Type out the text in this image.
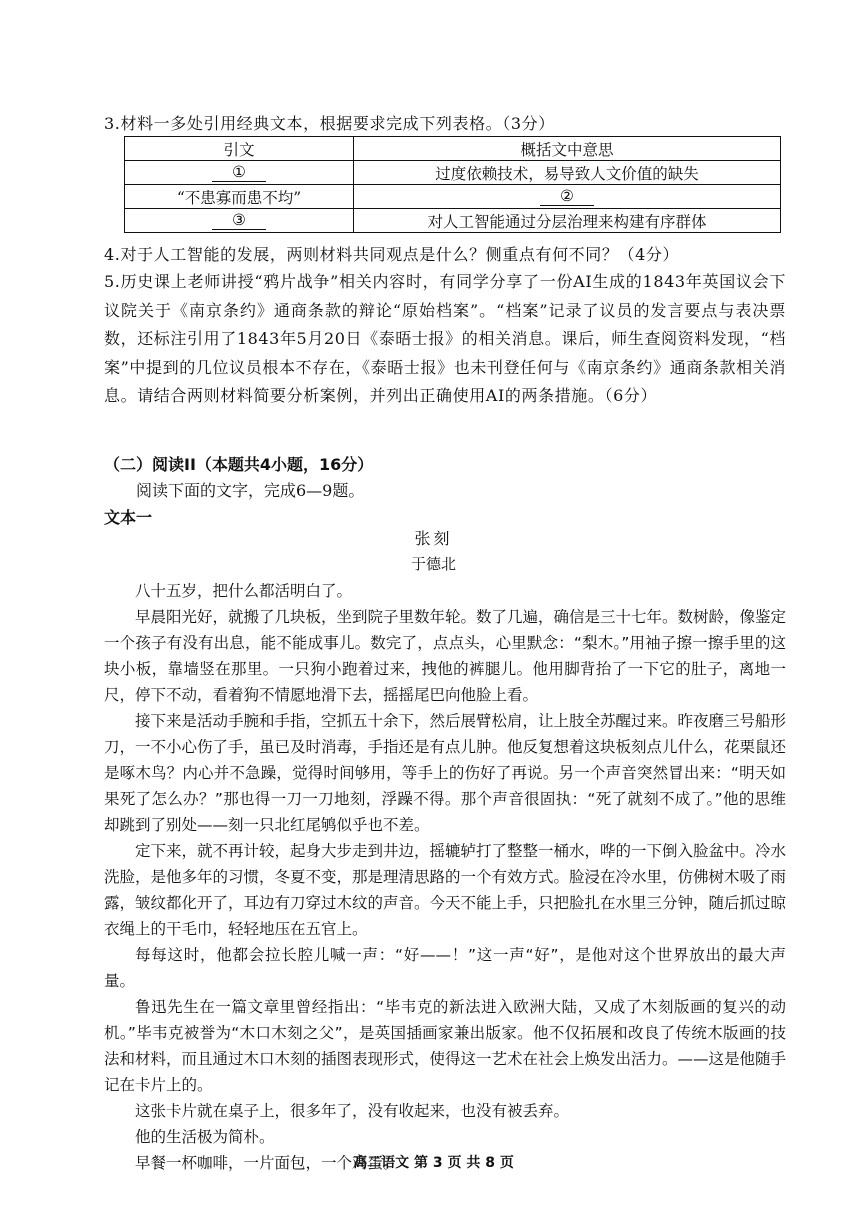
3.材料一多处引用经典文本，根据要求完成下列表格。（3分）

引文	概括文中意思
①	过度依赖技术，易导致人文价值的缺失
“不患寡而患不均”	②
③	对人工智能通过分层治理来构建有序群体

4.对于人工智能的发展，两则材料共同观点是什么？侧重点有何不同？（4分）

5.历史课上老师讲授“鸦片战争”相关内容时，有同学分享了一份AI生成的1843年英国议会下议院关于《南京条约》通商条款的辩论“原始档案”。“档案”记录了议员的发言要点与表决票数，还标注引用了1843年5月20日《泰晤士报》的相关消息。课后，师生查阅资料发现，“档案”中提到的几位议员根本不存在，《泰晤士报》也未刊登任何与《南京条约》通商条款相关消息。请结合两则材料简要分析案例，并列出正确使用AI的两条措施。（6分）

（二）阅读II（本题共4小题，16分）
阅读下面的文字，完成6—9题。
文本一
张刻
于德北

八十五岁，把什么都活明白了。

早晨阳光好，就搬了几块板，坐到院子里数年轮。数了几遍，确信是三十七年。数树龄，像鉴定一个孩子有没有出息，能不能成事儿。数完了，点点头，心里默念：“梨木。”用袖子擦一擦手里的这块小板，靠墙竖在那里。一只狗小跑着过来，拽他的裤腿儿。他用脚背抬了一下它的肚子，离地一尺，停下不动，看着狗不情愿地滑下去，摇摇尾巴向他脸上看。

接下来是活动手腕和手指，空抓五十余下，然后展臂松肩，让上肢全苏醒过来。昨夜磨三号船形刀，一不小心伤了手，虽已及时消毒，手指还是有点儿肿。他反复想着这块板刻点儿什么，花栗鼠还是啄木鸟？内心并不急躁，觉得时间够用，等手上的伤好了再说。另一个声音突然冒出来：“明天如果死了怎么办？”那也得一刀一刀地刻，浮躁不得。那个声音很固执：“死了就刻不成了。”他的思维却跳到了别处——刻一只北红尾鸲似乎也不差。

定下来，就不再计较，起身大步走到井边，摇辘轳打了整整一桶水，哗的一下倒入脸盆中。冷水洗脸，是他多年的习惯，冬夏不变，那是理清思路的一个有效方式。脸浸在冷水里，仿佛树木吸了雨露，皱纹都化开了，耳边有刀穿过木纹的声音。今天不能上手，只把脸扎在水里三分钟，随后抓过晾衣绳上的干毛巾，轻轻地压在五官上。

每每这时，他都会拉长腔儿喊一声：“好——！”这一声“好”，是他对这个世界放出的最大声量。

鲁迅先生在一篇文章里曾经指出：“毕韦克的新法进入欧洲大陆，又成了木刻版画的复兴的动机。”毕韦克被誉为“木口木刻之父”，是英国插画家兼出版家。他不仅拓展和改良了传统木版画的技法和材料，而且通过木口木刻的插图表现形式，使得这一艺术在社会上焕发出活力。——这是他随手记在卡片上的。

这张卡片就在桌子上，很多年了，没有收起来，也没有被丢弃。

他的生活极为简朴。

早餐一杯咖啡，一片面包，一个鸡蛋。

高二语文 第 3 页 共 8 页
